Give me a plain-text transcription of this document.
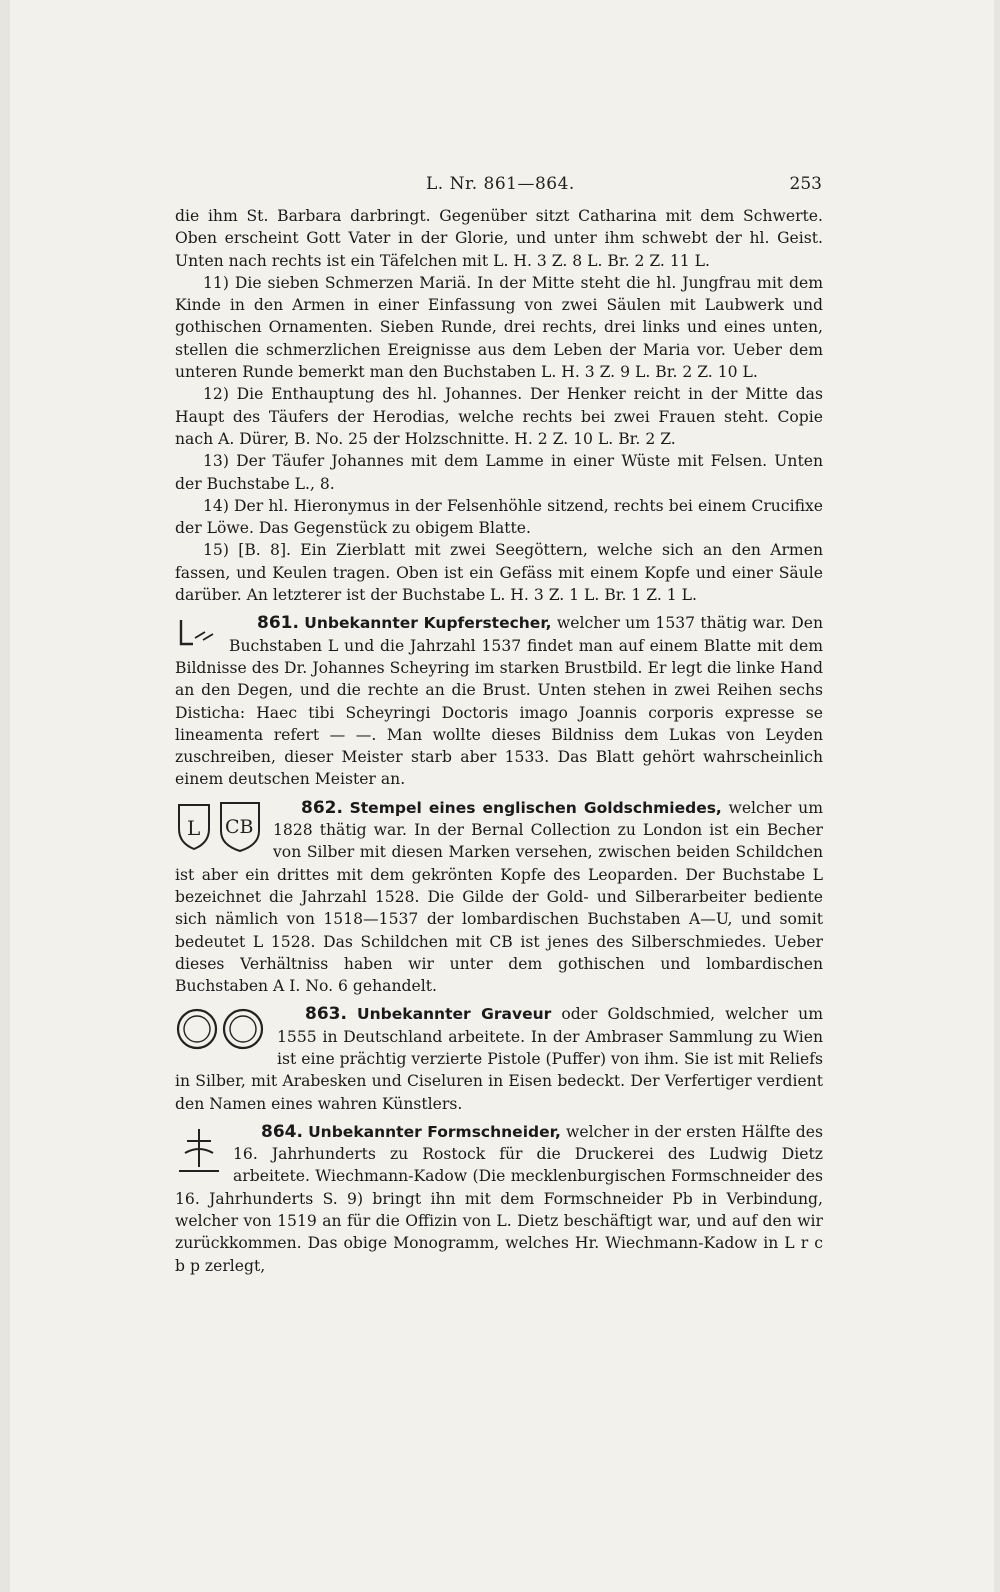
L. Nr. 861—864.	253

die ihm St. Barbara darbringt. Gegenüber sitzt Catharina mit dem Schwerte. Oben erscheint Gott Vater in der Glorie, und unter ihm schwebt der hl. Geist. Unten nach rechts ist ein Täfelchen mit L. H. 3 Z. 8 L. Br. 2 Z. 11 L.

11) Die sieben Schmerzen Mariä. In der Mitte steht die hl. Jungfrau mit dem Kinde in den Armen in einer Einfassung von zwei Säulen mit Laubwerk und gothischen Ornamenten. Sieben Runde, drei rechts, drei links und eines unten, stellen die schmerzlichen Ereignisse aus dem Leben der Maria vor. Ueber dem unteren Runde bemerkt man den Buchstaben L. H. 3 Z. 9 L. Br. 2 Z. 10 L.

12) Die Enthauptung des hl. Johannes. Der Henker reicht in der Mitte das Haupt des Täufers der Herodias, welche rechts bei zwei Frauen steht. Copie nach A. Dürer, B. No. 25 der Holzschnitte. H. 2 Z. 10 L. Br. 2 Z.

13) Der Täufer Johannes mit dem Lamme in einer Wüste mit Felsen. Unten der Buchstabe L., 8.

14) Der hl. Hieronymus in der Felsenhöhle sitzend, rechts bei einem Crucifixe der Löwe. Das Gegenstück zu obigem Blatte.

15) [B. 8]. Ein Zierblatt mit zwei Seegöttern, welche sich an den Armen fassen, und Keulen tragen. Oben ist ein Gefäss mit einem Kopfe und einer Säule darüber. An letzterer ist der Buchstabe L. H. 3 Z. 1 L. Br. 1 Z. 1 L.

861. Unbekannter Kupferstecher, welcher um 1537 thätig war. Den Buchstaben L und die Jahrzahl 1537 findet man auf einem Blatte mit dem Bildnisse des Dr. Johannes Scheyring im starken Brustbild. Er legt die linke Hand an den Degen, und die rechte an die Brust. Unten stehen in zwei Reihen sechs Disticha: Haec tibi Scheyringi Doctoris imago Joannis corporis expresse se lineamenta refert — —. Man wollte dieses Bildniss dem Lukas von Leyden zuschreiben, dieser Meister starb aber 1533. Das Blatt gehört wahrscheinlich einem deutschen Meister an.

L CB

862. Stempel eines englischen Goldschmiedes, welcher um 1828 thätig war. In der Bernal Collection zu London ist ein Becher von Silber mit diesen Marken versehen, zwischen beiden Schildchen ist aber ein drittes mit dem gekrönten Kopfe des Leoparden. Der Buchstabe L bezeichnet die Jahrzahl 1528. Die Gilde der Gold- und Silberarbeiter bediente sich nämlich von 1518—1537 der lombardischen Buchstaben A—U, und somit bedeutet L 1528. Das Schildchen mit CB ist jenes des Silberschmiedes. Ueber dieses Verhältniss haben wir unter dem gothischen und lombardischen Buchstaben A I. No. 6 gehandelt.

863. Unbekannter Graveur oder Goldschmied, welcher um 1555 in Deutschland arbeitete. In der Ambraser Sammlung zu Wien ist eine prächtig verzierte Pistole (Puffer) von ihm. Sie ist mit Reliefs in Silber, mit Arabesken und Ciseluren in Eisen bedeckt. Der Verfertiger verdient den Namen eines wahren Künstlers.

864. Unbekannter Formschneider, welcher in der ersten Hälfte des 16. Jahrhunderts zu Rostock für die Druckerei des Ludwig Dietz arbeitete. Wiechmann-Kadow (Die mecklenburgischen Formschneider des 16. Jahrhunderts S. 9) bringt ihn mit dem Formschneider Pb in Verbindung, welcher von 1519 an für die Offizin von L. Dietz beschäftigt war, und auf den wir zurückkommen. Das obige Monogramm, welches Hr. Wiechmann-Kadow in L r c b p zerlegt,
